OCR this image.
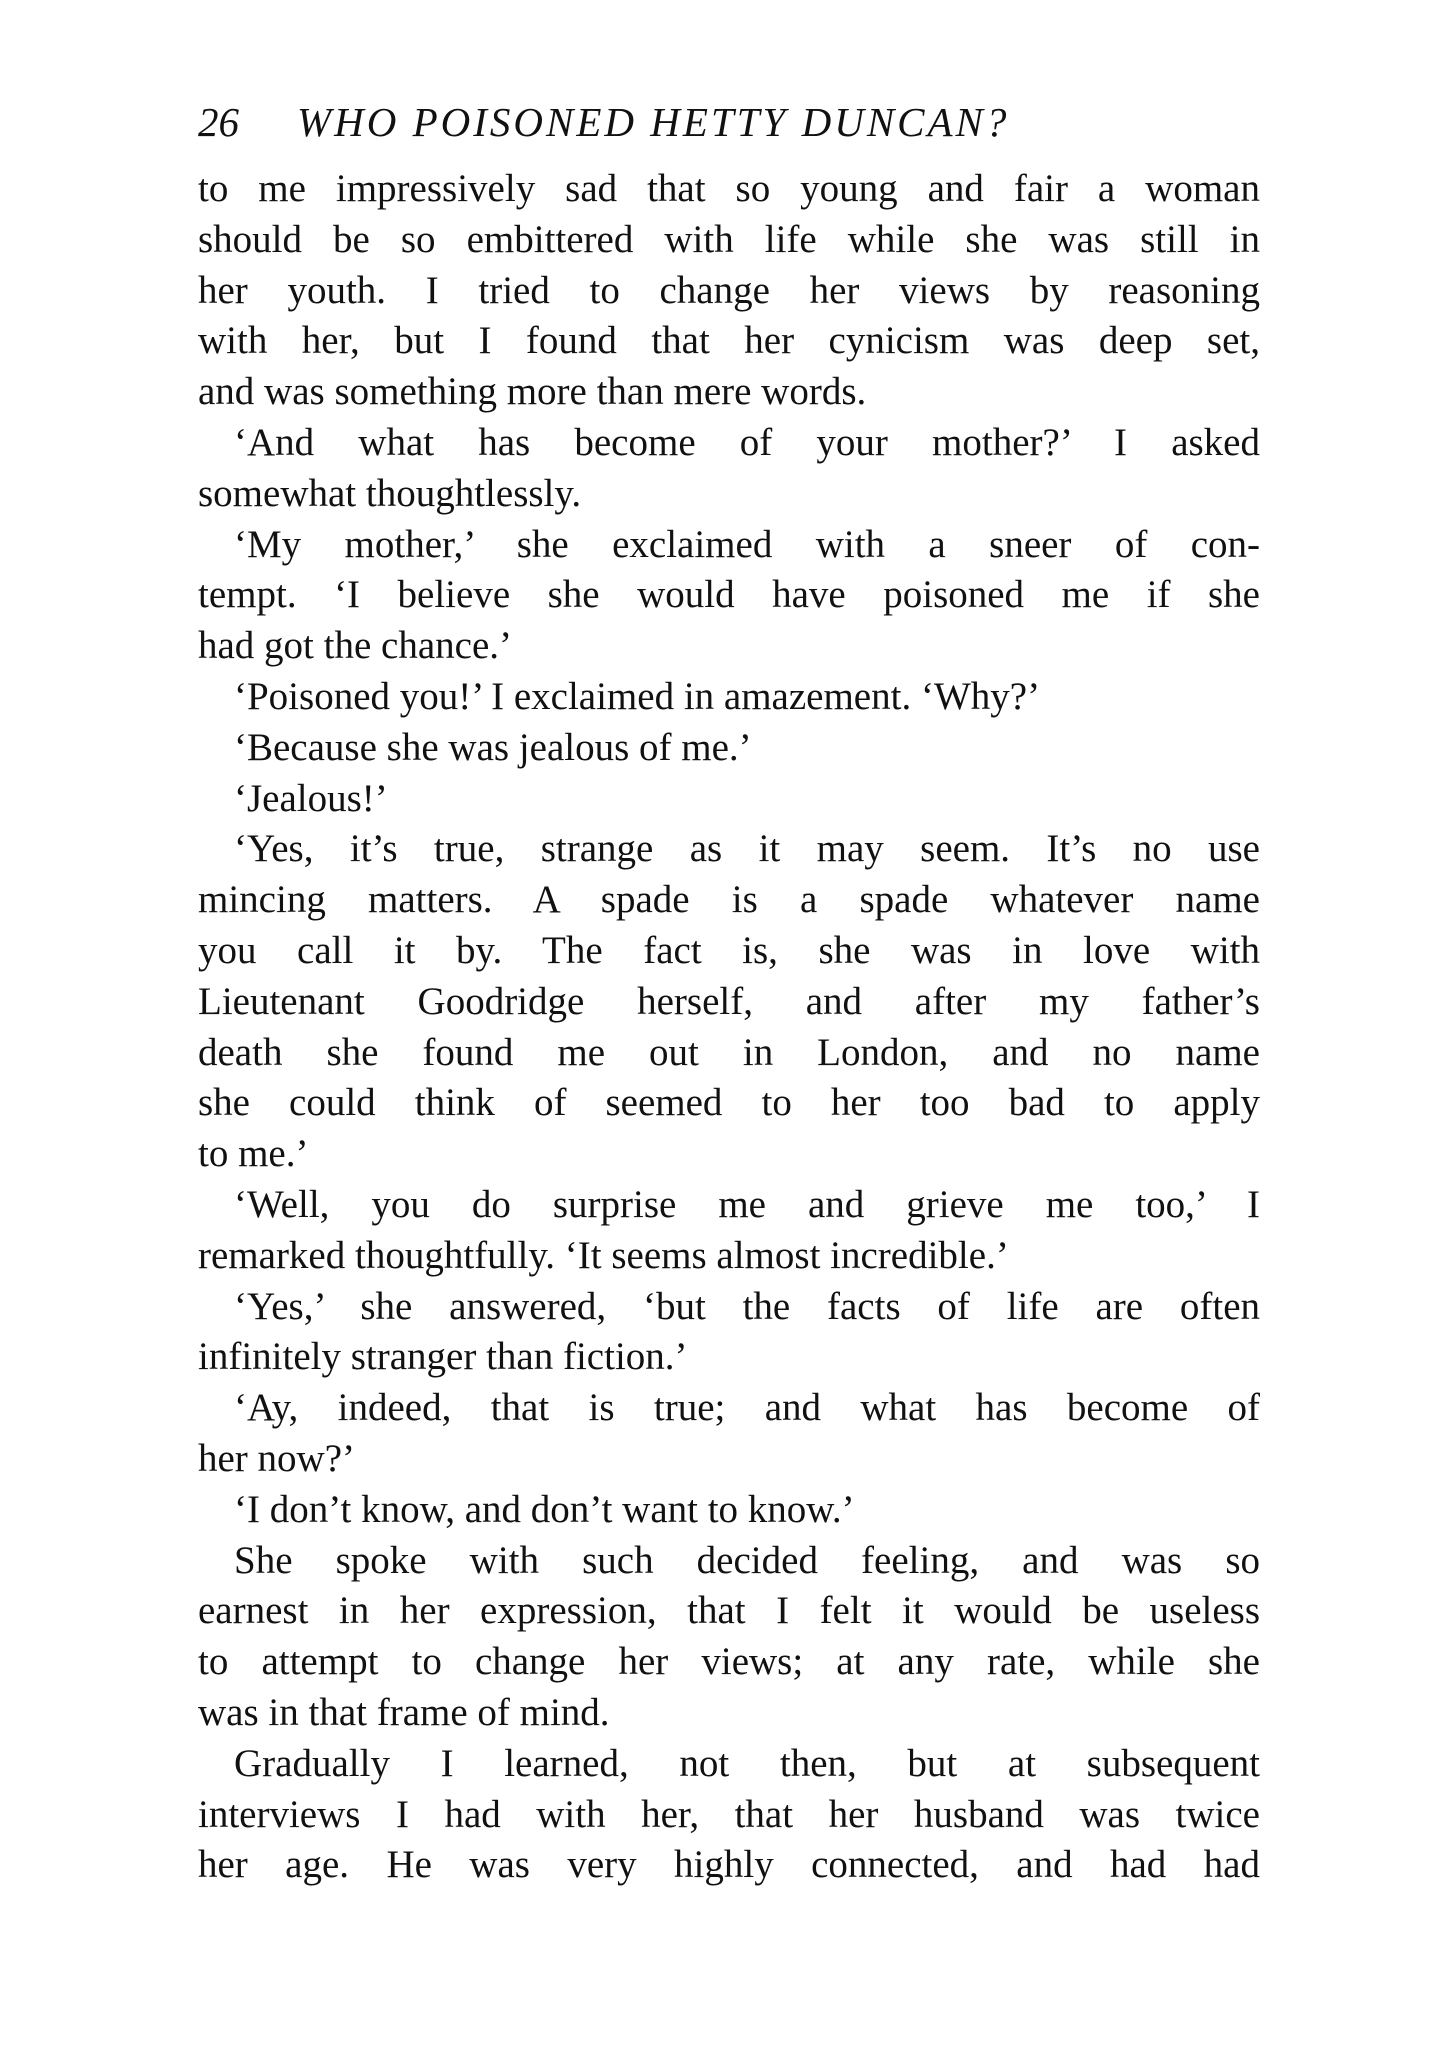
26 WHO POISONED HETTY DUNCAN?
to me impressively sad that so young and fair a woman
should be so embittered with life while she was still in
her youth. I tried to change her views by reasoning
with her, but I found that her cynicism was deep set,
and was something more than mere words.
‘And what has become of your mother?’ I asked
somewhat thoughtlessly.
‘My mother,’ she exclaimed with a sneer of con-
tempt. ‘I believe she would have poisoned me if she
had got the chance.’
‘Poisoned you!’ I exclaimed in amazement. ‘Why?’
‘Because she was jealous of me.’
‘Jealous!’
‘Yes, it’s true, strange as it may seem. It’s no use
mincing matters. A spade is a spade whatever name
you call it by. The fact is, she was in love with
Lieutenant Goodridge herself, and after my father’s
death she found me out in London, and no name
she could think of seemed to her too bad to apply
to me.’
‘Well, you do surprise me and grieve me too,’ I
remarked thoughtfully. ‘It seems almost incredible.’
‘Yes,’ she answered, ‘but the facts of life are often
infinitely stranger than fiction.’
‘Ay, indeed, that is true; and what has become of
her now?’
‘I don’t know, and don’t want to know.’
She spoke with such decided feeling, and was so
earnest in her expression, that I felt it would be useless
to attempt to change her views; at any rate, while she
was in that frame of mind.
Gradually I learned, not then, but at subsequent
interviews I had with her, that her husband was twice
her age. He was very highly connected, and had had
